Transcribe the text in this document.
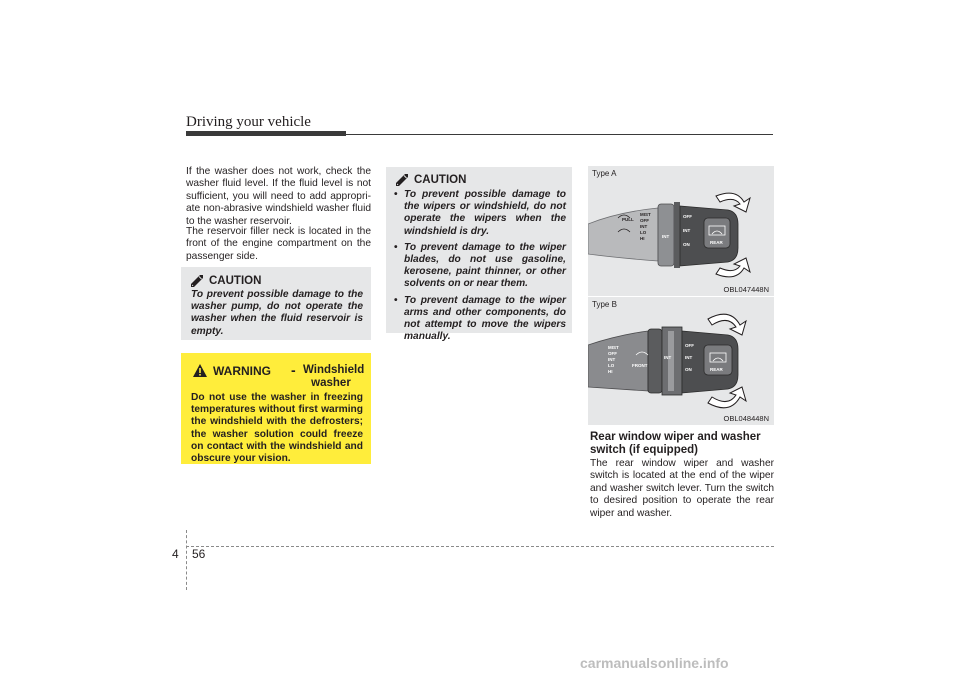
Driving your vehicle

If the washer does not work, check the washer fluid level. If the fluid level is not sufficient, you will need to add appropri-ate non-abrasive windshield washer fluid to the washer reservoir.

The reservoir filler neck is located in the front of the engine compartment on the passenger side.

CAUTION
To prevent possible damage to the washer pump, do not operate the washer when the fluid reservoir is empty.
WARNING - Windshield washer
Do not use the washer in freezing temperatures without first warming the windshield with the defrosters; the washer solution could freeze on contact with the windshield and obscure your vision.
CAUTION
• To prevent possible damage to the wipers or windshield, do not operate the wipers when the windshield is dry.
• To prevent damage to the wiper blades, do not use gasoline, kerosene, paint thinner, or other solvents on or near them.
• To prevent damage to the wiper arms and other components, do not attempt to move the wipers manually.
PULL
MIST
OFF
INT
LO
HI	INT
OFF
INT
ON	REAR
Type A
OBL047448N
MIST
OFF
INT
LO
HI
FRONT
INT
OFF
INT
ON	REAR
Type B
OBL048448N
Rear window wiper and washer switch (if equipped)

The rear window wiper and washer switch is located at the end of the wiper and washer switch lever. Turn the switch to desired position to operate the rear wiper and washer.

4 56
carmanualsonline.info
